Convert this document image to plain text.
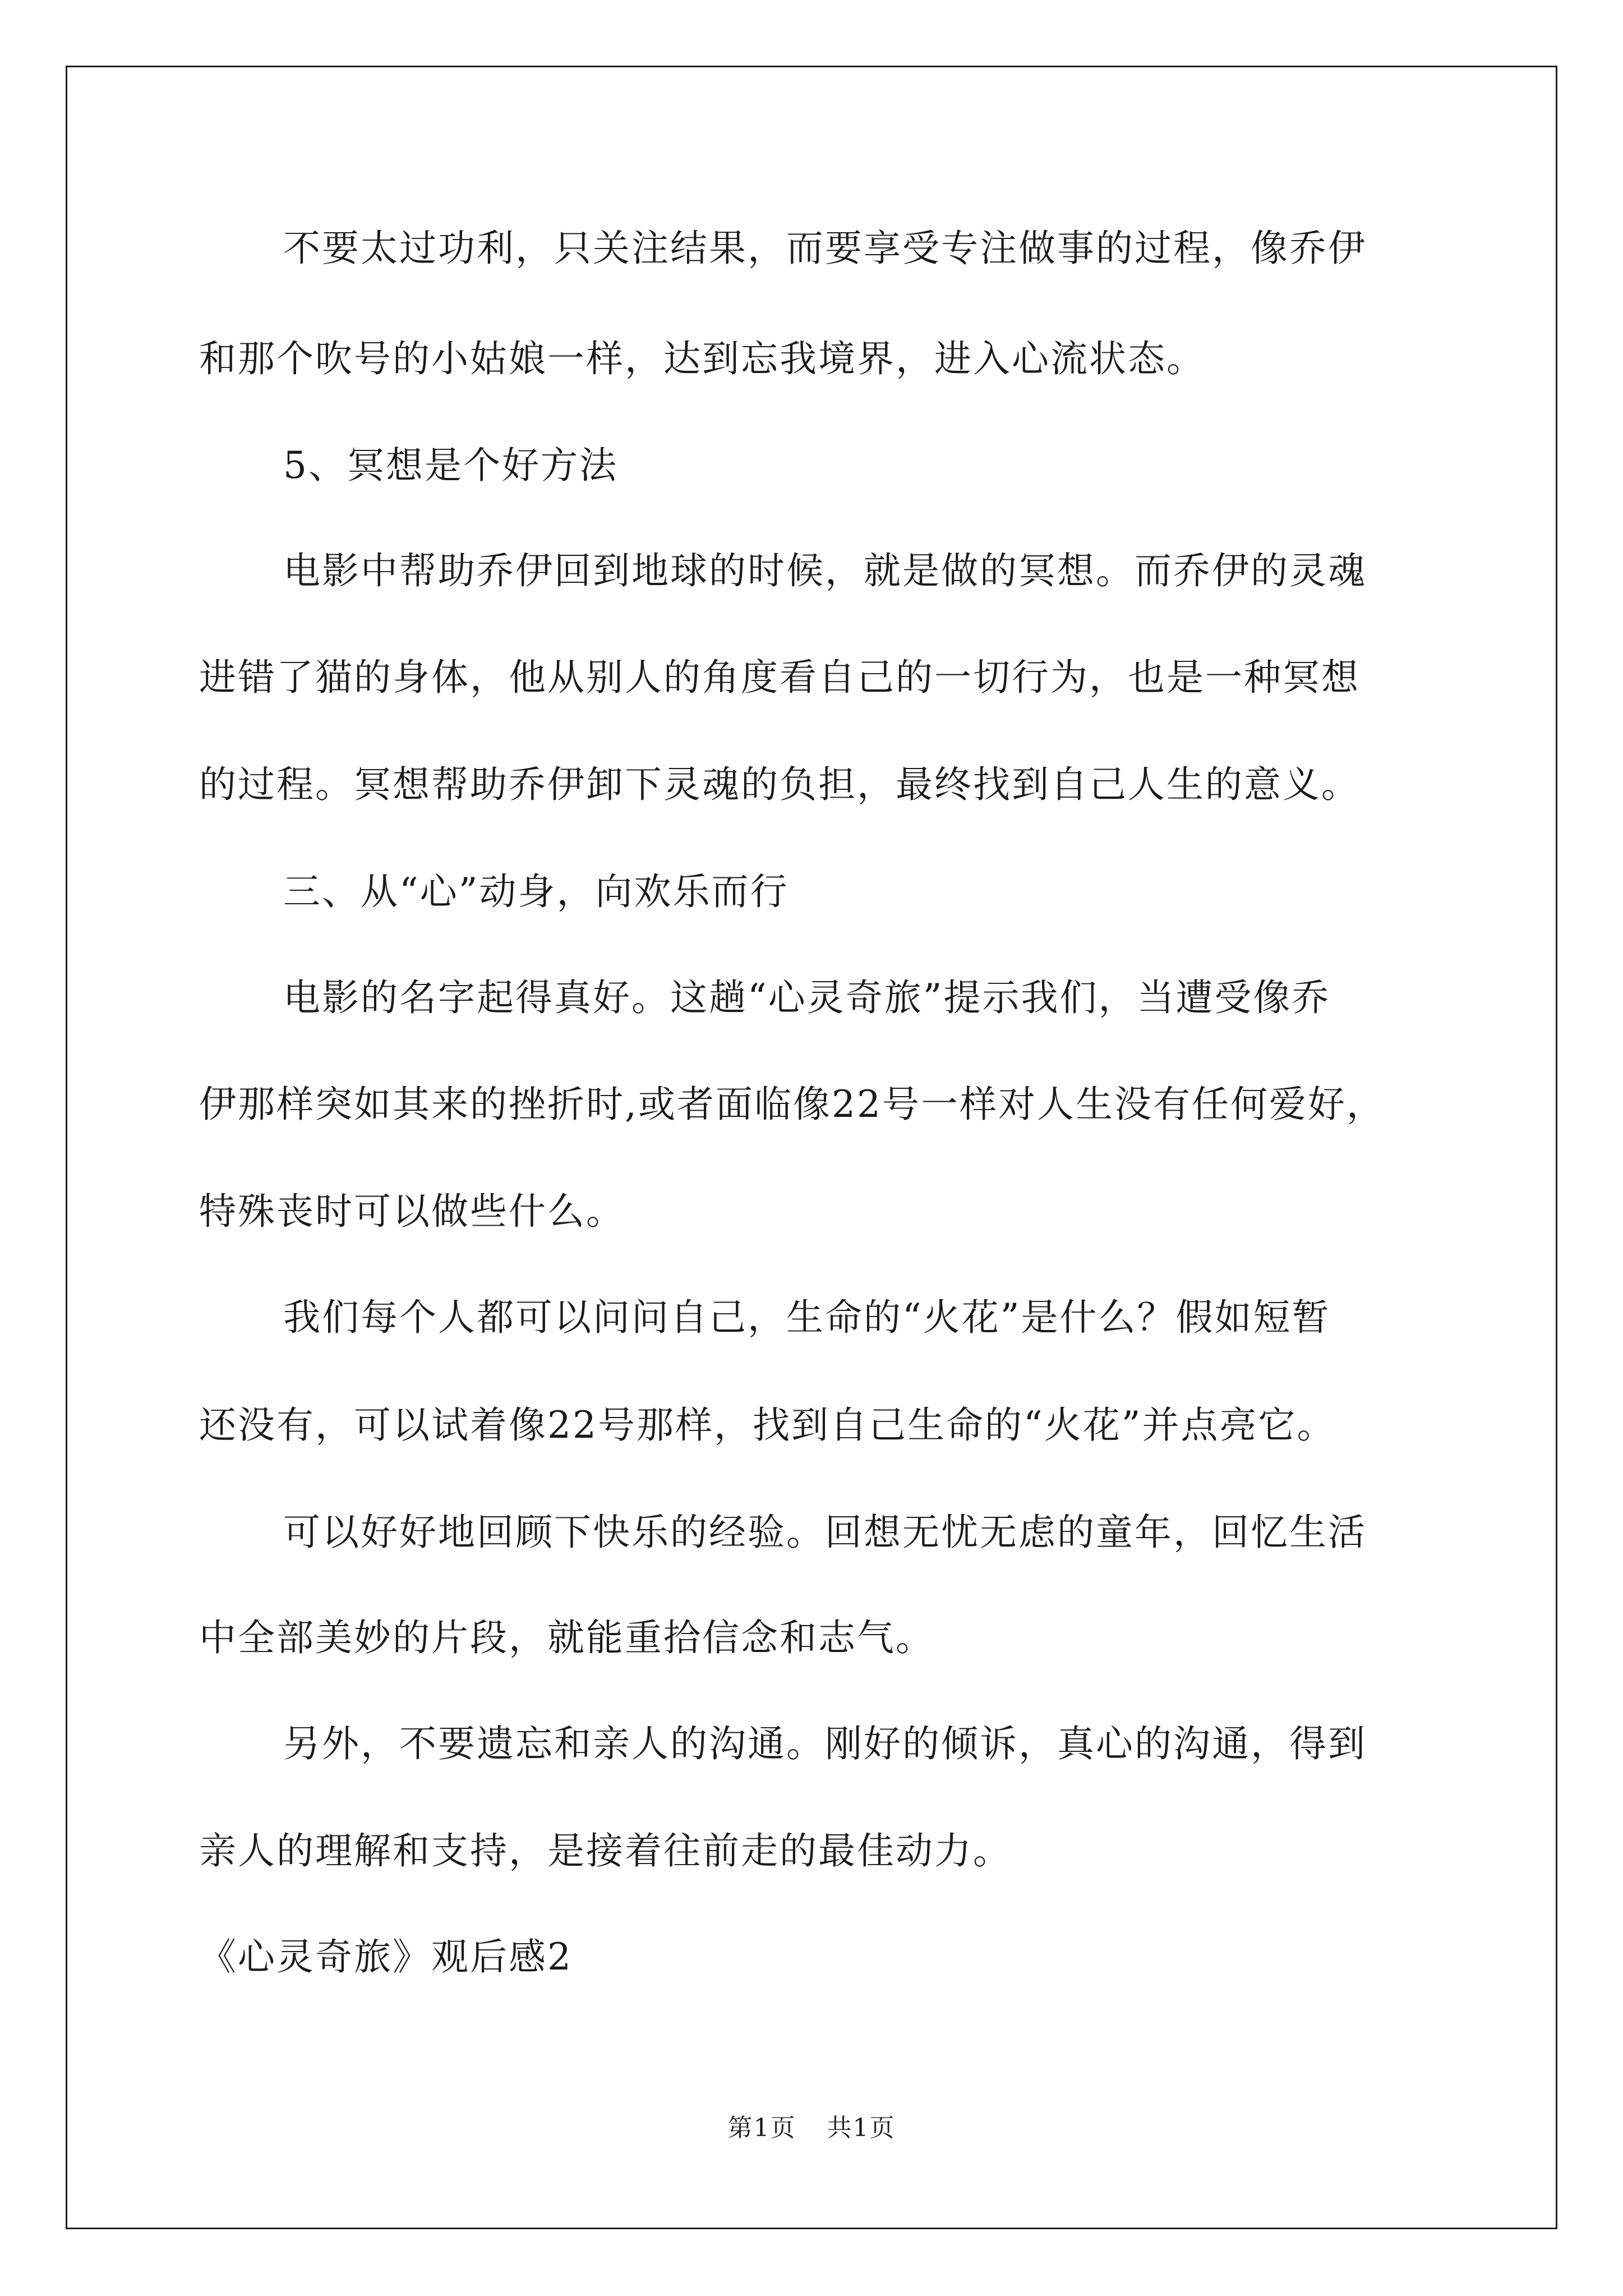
不要太过功利，只关注结果，而要享受专注做事的过程，像乔伊
和那个吹号的小姑娘一样，达到忘我境界，进入心流状态。
5、冥想是个好方法
电影中帮助乔伊回到地球的时候，就是做的冥想。而乔伊的灵魂
进错了猫的身体，他从别人的角度看自己的一切行为，也是一种冥想
的过程。冥想帮助乔伊卸下灵魂的负担，最终找到自己人生的意义。
三、从“心”动身，向欢乐而行
电影的名字起得真好。这趟“心灵奇旅”提示我们，当遭受像乔
伊那样突如其来的挫折时,或者面临像22号一样对人生没有任何爱好，
特殊丧时可以做些什么。
我们每个人都可以问问自己，生命的“火花”是什么？假如短暂
还没有，可以试着像22号那样，找到自己生命的“火花”并点亮它。
可以好好地回顾下快乐的经验。回想无忧无虑的童年，回忆生活
中全部美妙的片段，就能重拾信念和志气。
另外，不要遗忘和亲人的沟通。刚好的倾诉，真心的沟通，得到
亲人的理解和支持，是接着往前走的最佳动力。
《心灵奇旅》观后感2
第1页 共1页
